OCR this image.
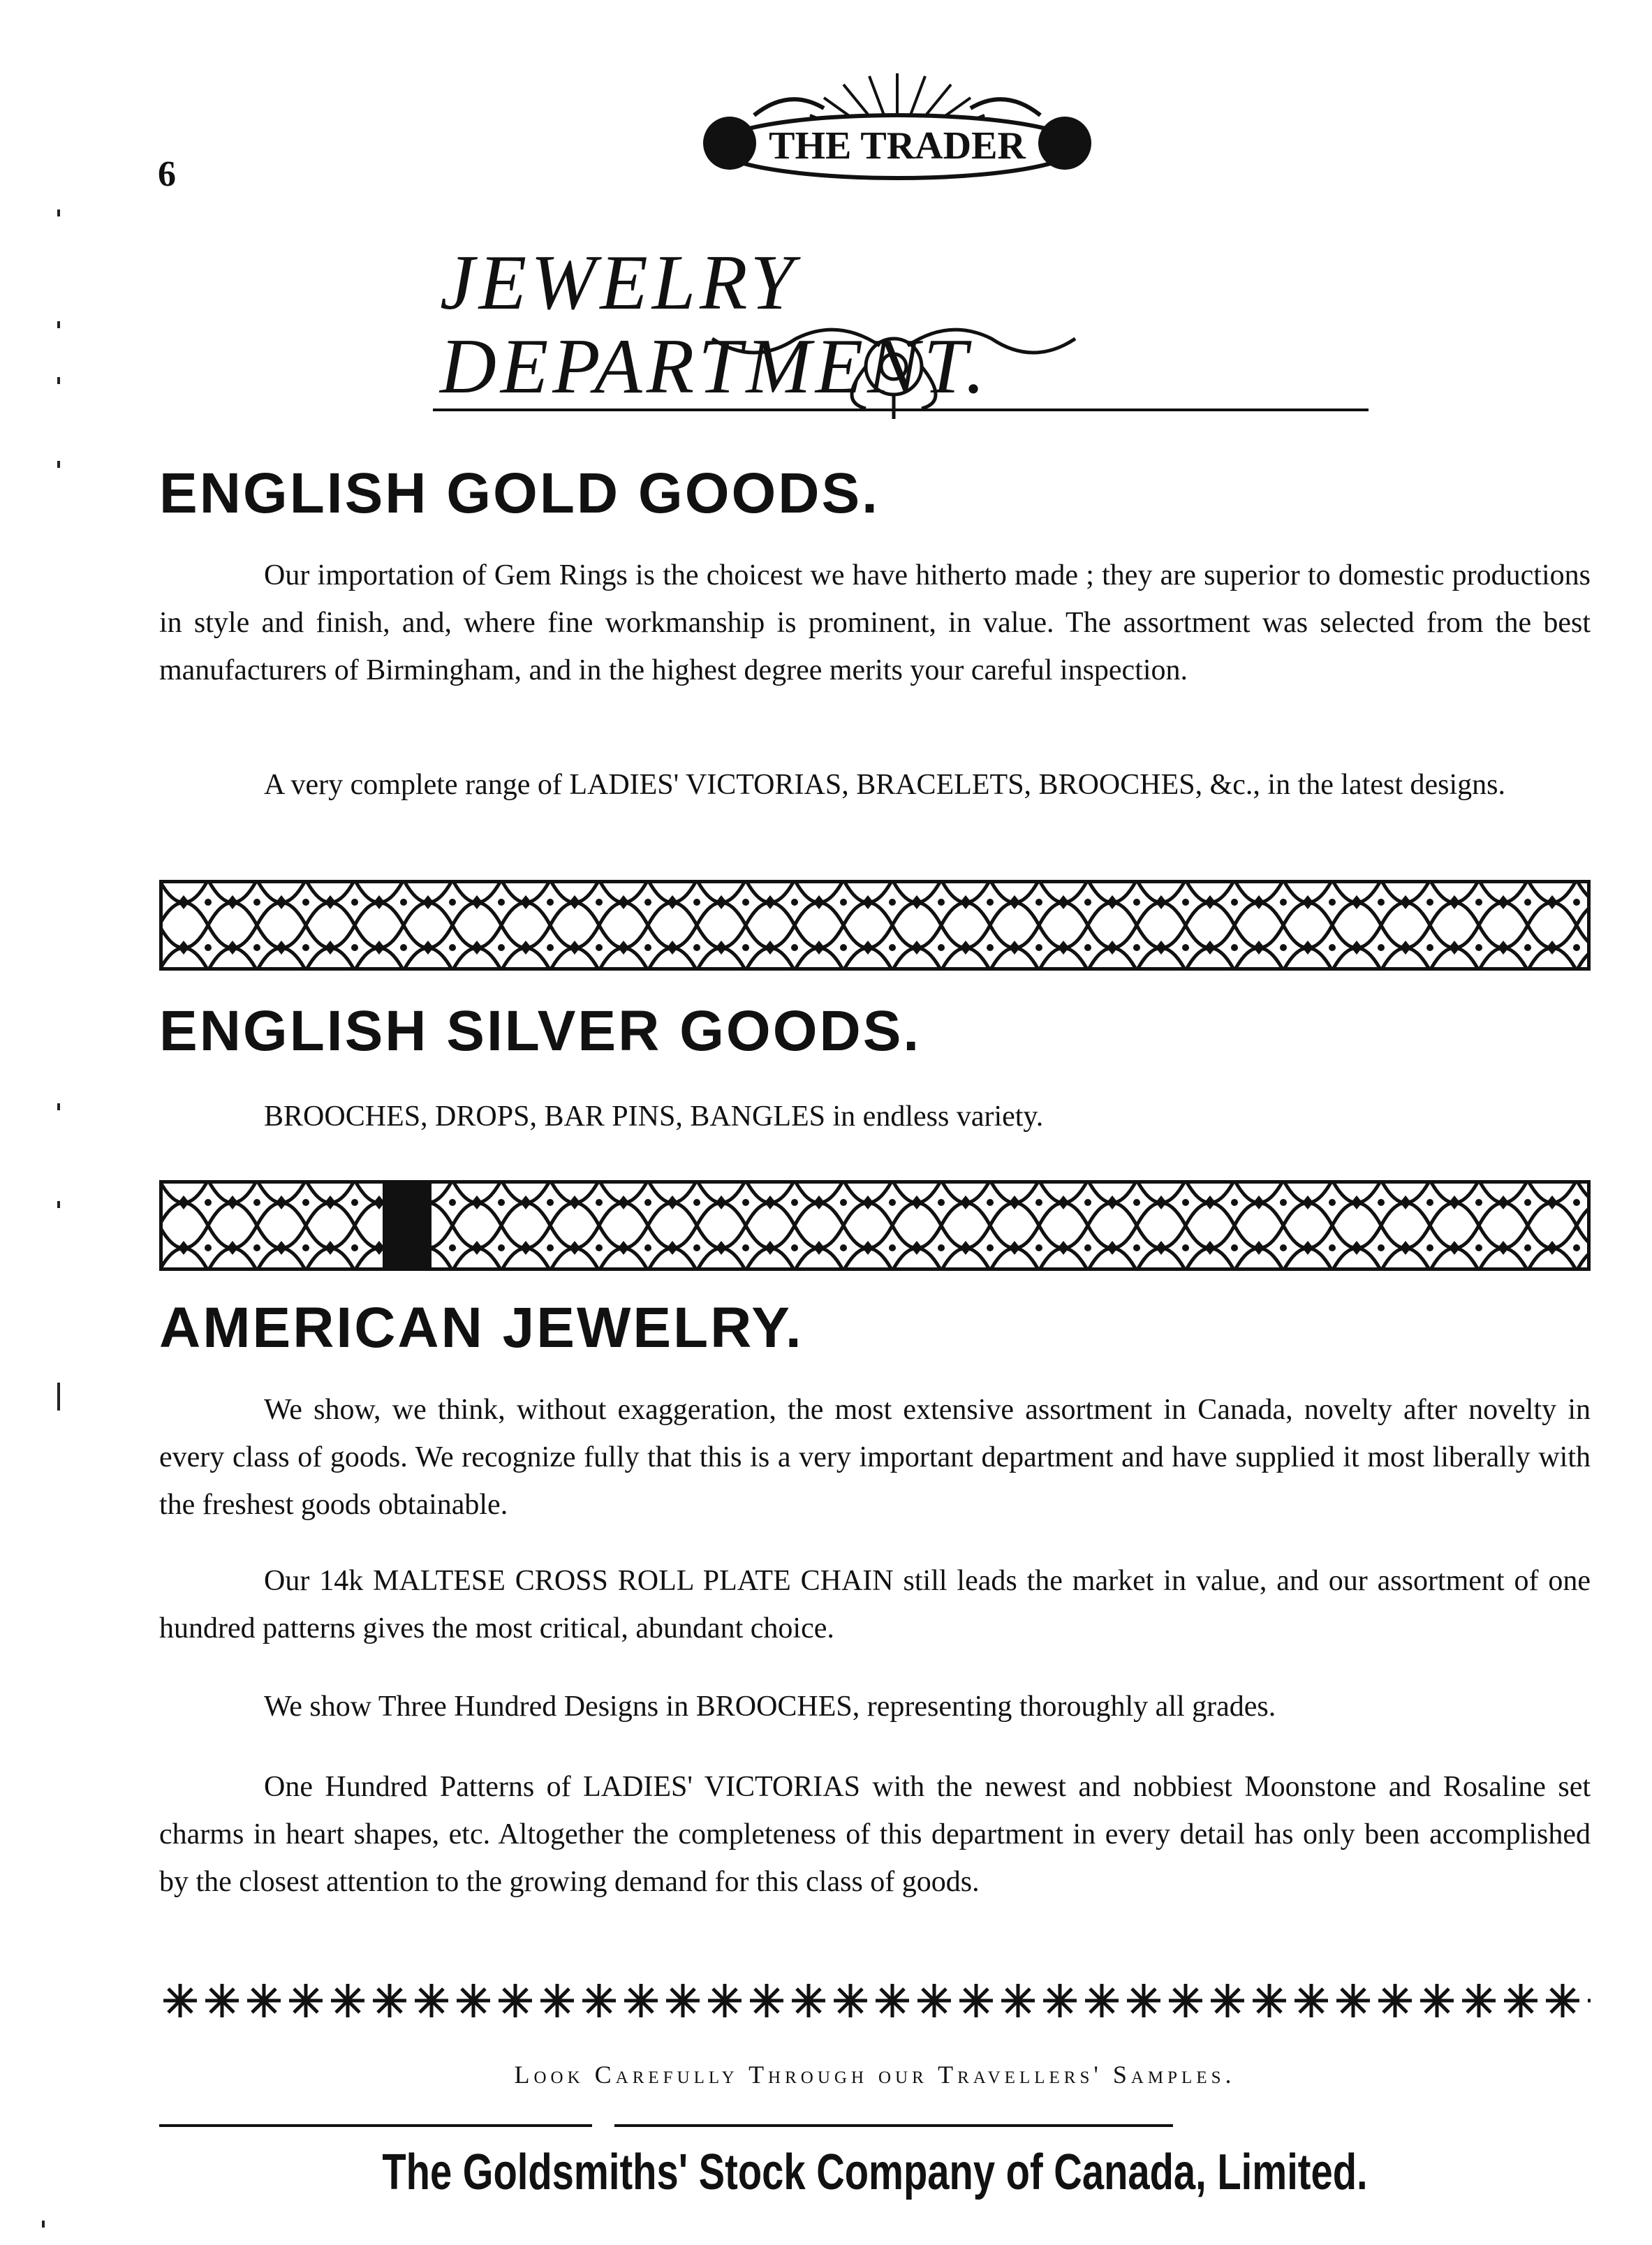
6
THE TRADER
JEWELRY DEPARTMENT.
ENGLISH GOLD GOODS.

Our importation of Gem Rings is the choicest we have hitherto made ; they are superior to domestic productions in style and finish, and, where fine workmanship is prominent, in value. The assortment was selected from the best manufacturers of Birmingham, and in the highest degree merits your careful inspection.

A very complete range of LADIES' VICTORIAS, BRACELETS, BROOCHES, &c., in the latest designs.

ENGLISH SILVER GOODS.

BROOCHES, DROPS, BAR PINS, BANGLES in endless variety.

AMERICAN JEWELRY.

We show, we think, without exaggeration, the most extensive assortment in Canada, novelty after novelty in every class of goods. We recognize fully that this is a very important department and have supplied it most liberally with the freshest goods obtainable.

Our 14k MALTESE CROSS ROLL PLATE CHAIN still leads the market in value, and our assortment of one hundred patterns gives the most critical, abundant choice.

We show Three Hundred Designs in BROOCHES, representing thoroughly all grades.

One Hundred Patterns of LADIES' VICTORIAS with the newest and nobbiest Moonstone and Rosaline set charms in heart shapes, etc. Altogether the completeness of this department in every detail has only been accomplished by the closest attention to the growing demand for this class of goods.

Look Carefully Through our Travellers' Samples.
The Goldsmiths' Stock Company of Canada, Limited.
